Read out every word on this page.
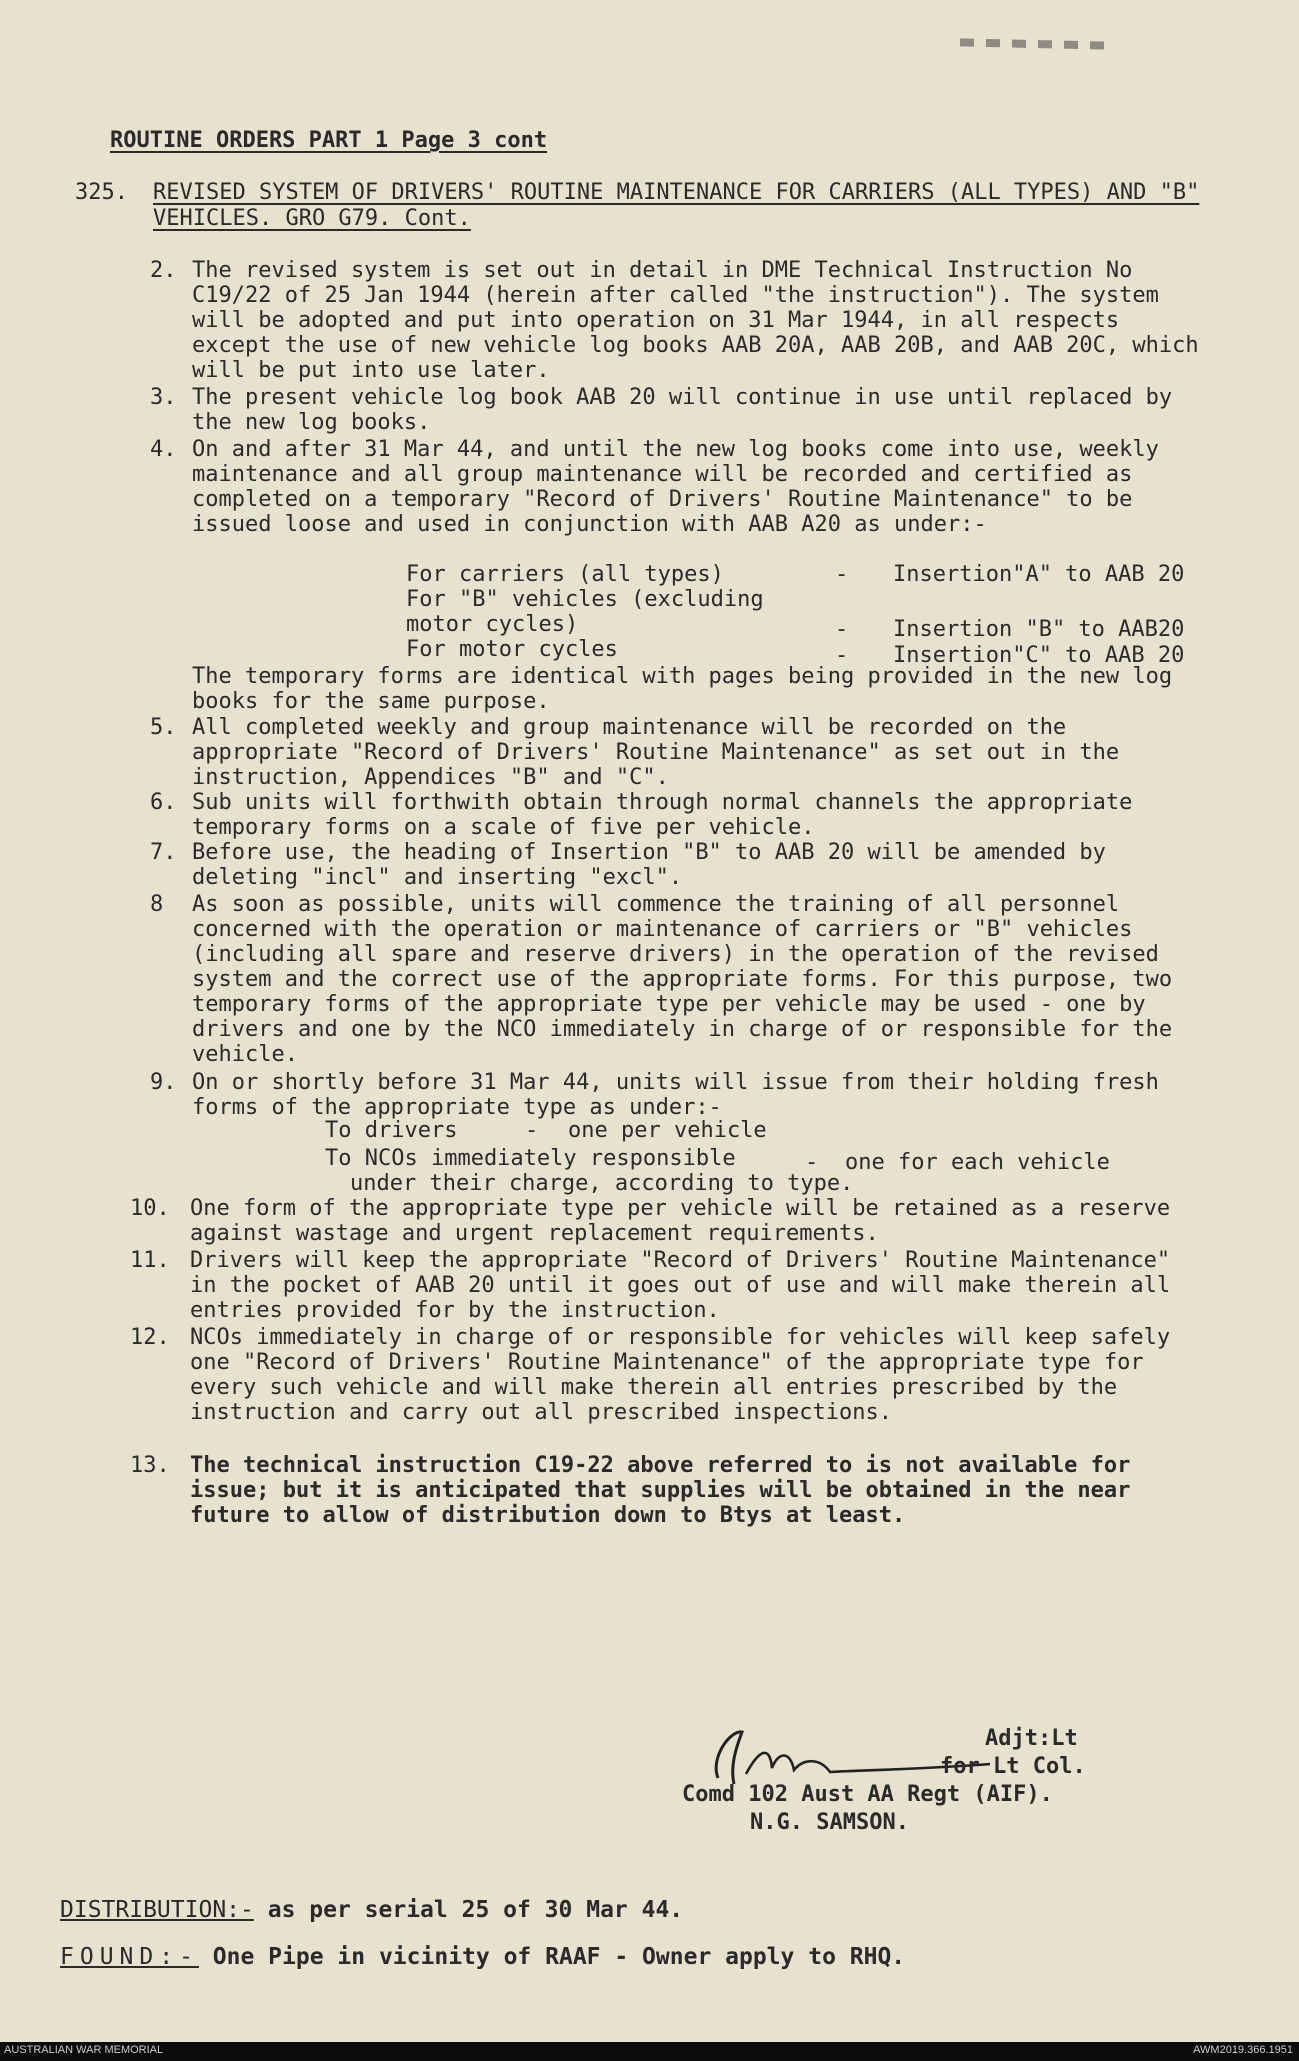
ROUTINE ORDERS PART 1 Page 3 cont
325. REVISED SYSTEM OF DRIVERS' ROUTINE MAINTENANCE FOR CARRIERS (ALL TYPES) AND "B" VEHICLES. GRO G79. Cont.
2. The revised system is set out in detail in DME Technical Instruction No C19/22 of 25 Jan 1944 (herein after called "the instruction"). The system will be adopted and put into operation on 31 Mar 1944, in all respects except the use of new vehicle log books AAB 20A, AAB 20B, and AAB 20C, which will be put into use later.
3. The present vehicle log book AAB 20 will continue in use until replaced by the new log books.
4. On and after 31 Mar 44, and until the new log books come into use, weekly maintenance and all group maintenance will be recorded and certified as completed on a temporary "Record of Drivers' Routine Maintenance" to be issued loose and used in conjunction with AAB A20 as under:-
For carriers (all types)	- Insertion"A" to AAB 20
For "B" vehicles (excluding
motor cycles)	- Insertion "B" to AAB20
For motor cycles	- Insertion"C" to AAB 20
The temporary forms are identical with pages being provided in the new log books for the same purpose.
5. All completed weekly and group maintenance will be recorded on the appropriate "Record of Drivers' Routine Maintenance" as set out in the instruction, Appendices "B" and "C".
6. Sub units will forthwith obtain through normal channels the appropriate temporary forms on a scale of five per vehicle.
7. Before use, the heading of Insertion "B" to AAB 20 will be amended by deleting "incl" and inserting "excl".
8 As soon as possible, units will commence the training of all personnel concerned with the operation or maintenance of carriers or "B" vehicles (including all spare and reserve drivers) in the operation of the revised system and the correct use of the appropriate forms. For this purpose, two temporary forms of the appropriate type per vehicle may be used - one by drivers and one by the NCO immediately in charge of or responsible for the vehicle.
9. On or shortly before 31 Mar 44, units will issue from their holding fresh forms of the appropriate type as under:-
To drivers	- one per vehicle
To NCOs immediately responsible	- one for each vehicle
under their charge, according to type.
10. One form of the appropriate type per vehicle will be retained as a reserve against wastage and urgent replacement requirements.
11. Drivers will keep the appropriate "Record of Drivers' Routine Maintenance" in the pocket of AAB 20 until it goes out of use and will make therein all entries provided for by the instruction.
12. NCOs immediately in charge of or responsible for vehicles will keep safely one "Record of Drivers' Routine Maintenance" of the appropriate type for every such vehicle and will make therein all entries prescribed by the instruction and carry out all prescribed inspections.
13. The technical instruction C19-22 above referred to is not available for issue; but it is anticipated that supplies will be obtained in the near future to allow of distribution down to Btys at least.
Adjt:Lt
for Lt Col.
Comd 102 Aust AA Regt (AIF).
N.G. SAMSON.
DISTRIBUTION:- as per serial 25 of 30 Mar 44.
FOUND:- One Pipe in vicinity of RAAF - Owner apply to RHQ.
AUSTRALIAN WAR MEMORIAL	AWM2019.366.1951
